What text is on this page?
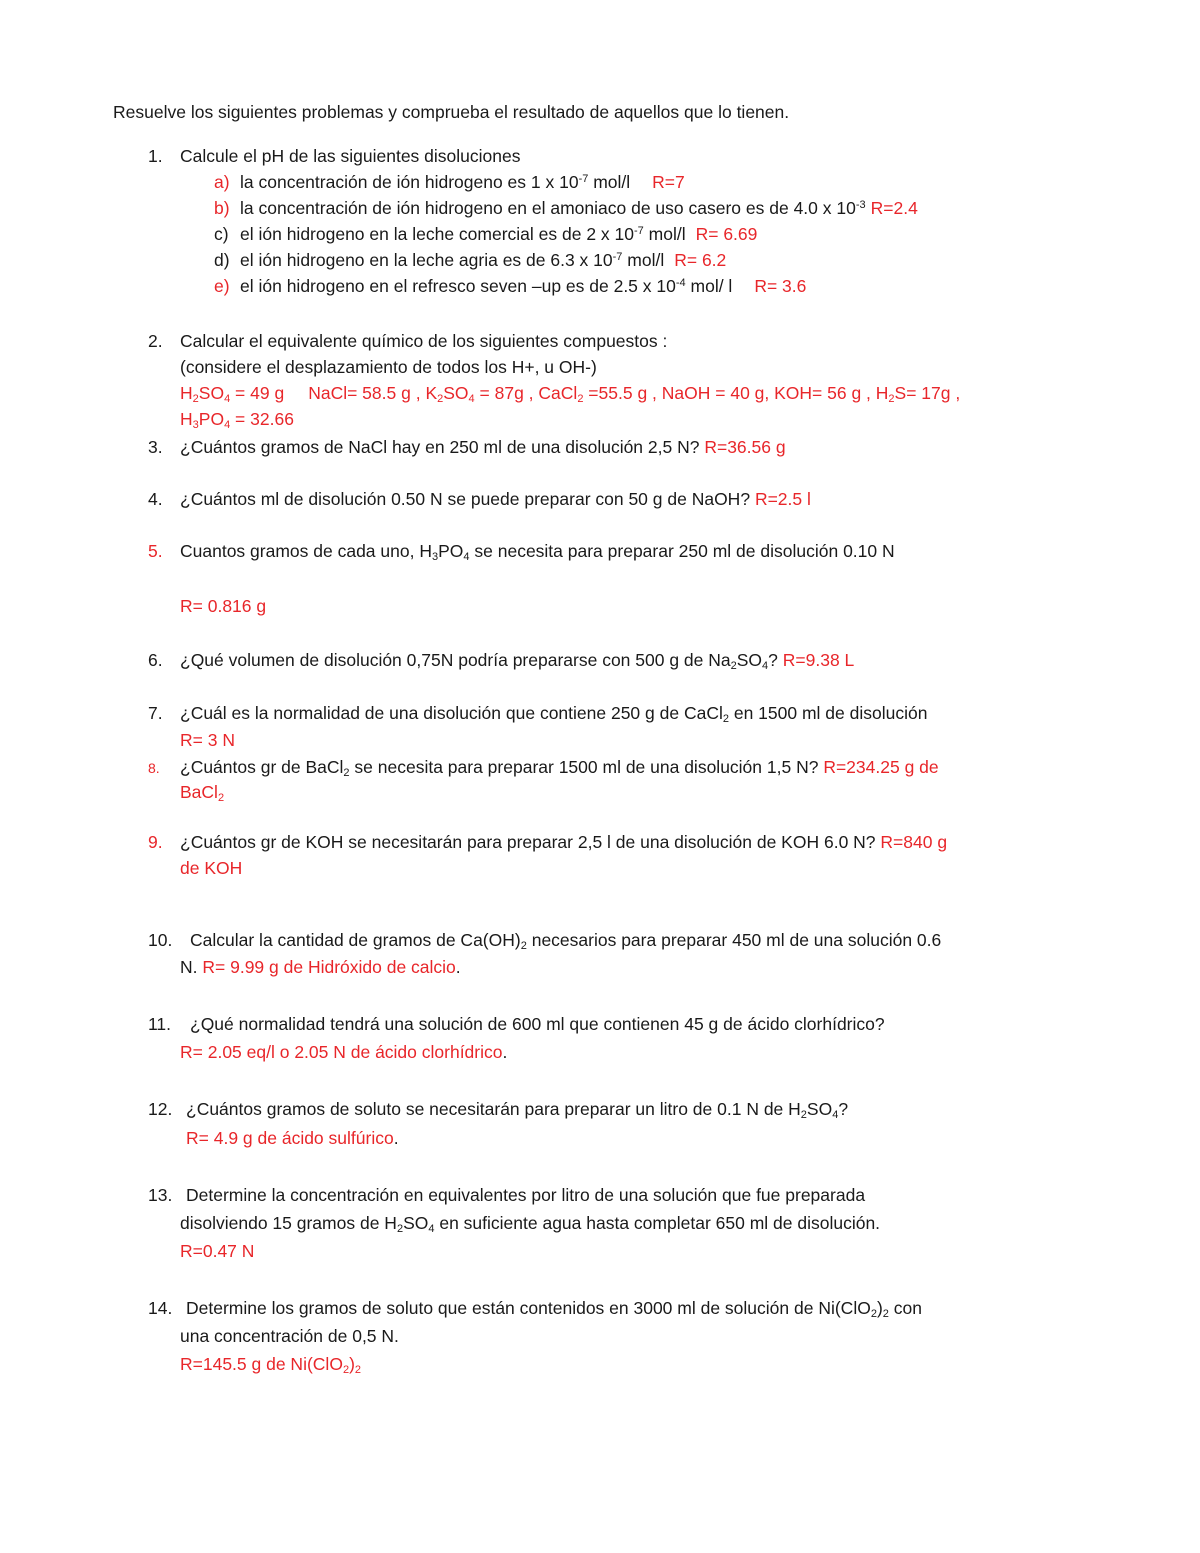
Resuelve los siguientes problemas y comprueba el resultado de aquellos que lo tienen.
1. Calcule el pH de las siguientes disoluciones
a) la concentración de ión hidrogeno es 1 x $10^{-7}$ mol/l R=7
b) la concentración de ión hidrogeno en el amoniaco de uso casero es de 4.0 x $10^{-3}$ R=2.4
c) el ión hidrogeno en la leche comercial es de 2 x $10^{-7}$ mol/l R= 6.69
d) el ión hidrogeno en la leche agria es de 6.3 x $10^{-7}$ mol/l R= 6.2
e) el ión hidrogeno en el refresco seven –up es de 2.5 x $10^{-4}$ mol/ l R= 3.6
2. Calcular el equivalente químico de los siguientes compuestos :
(considere el desplazamiento de todos los H+, u OH-)
$H_2SO_4 = 49$ g NaCl= 58.5 g , $K_2SO_4 = 87g$ , CaCl$_2$ =55.5 g , NaOH = 40 g, KOH= 56 g , $H_2S= 17g$ ,
$H_3PO_4 = 32.66$
3. ¿Cuántos gramos de NaCl hay en 250 ml de una disolución 2,5 N? R=36.56 g
4. ¿Cuántos ml de disolución 0.50 N se puede preparar con 50 g de NaOH? R=2.5 l
5. Cuantos gramos de cada uno, $H_3PO_4$ se necesita para preparar 250 ml de disolución 0.10 N
R= 0.816 g
6. ¿Qué volumen de disolución 0,75N podría prepararse con 500 g de $Na_2SO_4$? R=9.38 L
7. ¿Cuál es la normalidad de una disolución que contiene 250 g de CaCl$_2$ en 1500 ml de disolución
R= 3 N
8. ¿Cuántos gr de BaCl$_2$ se necesita para preparar 1500 ml de una disolución 1,5 N? R=234.25 g de
BaCl$_2$
9. ¿Cuántos gr de KOH se necesitarán para preparar 2,5 l de una disolución de KOH 6.0 N? R=840 g
de KOH
10. Calcular la cantidad de gramos de $Ca(OH)_2$ necesarios para preparar 450 ml de una solución 0.6
N. R= 9.99 g de Hidróxido de calcio.
11. ¿Qué normalidad tendrá una solución de 600 ml que contienen 45 g de ácido clorhídrico?
R= 2.05 eq/l o 2.05 N de ácido clorhídrico.
12. ¿Cuántos gramos de soluto se necesitarán para preparar un litro de 0.1 N de $H_2SO_4$?
R= 4.9 g de ácido sulfúrico.
13. Determine la concentración en equivalentes por litro de una solución que fue preparada
disolviendo 15 gramos de $H_2SO_4$ en suficiente agua hasta completar 650 ml de disolución.
R=0.47 N
14. Determine los gramos de soluto que están contenidos en 3000 ml de solución de $Ni(ClO_2)_2$ con
una concentración de 0,5 N.
R=145.5 g de $Ni(ClO_2)_2$
